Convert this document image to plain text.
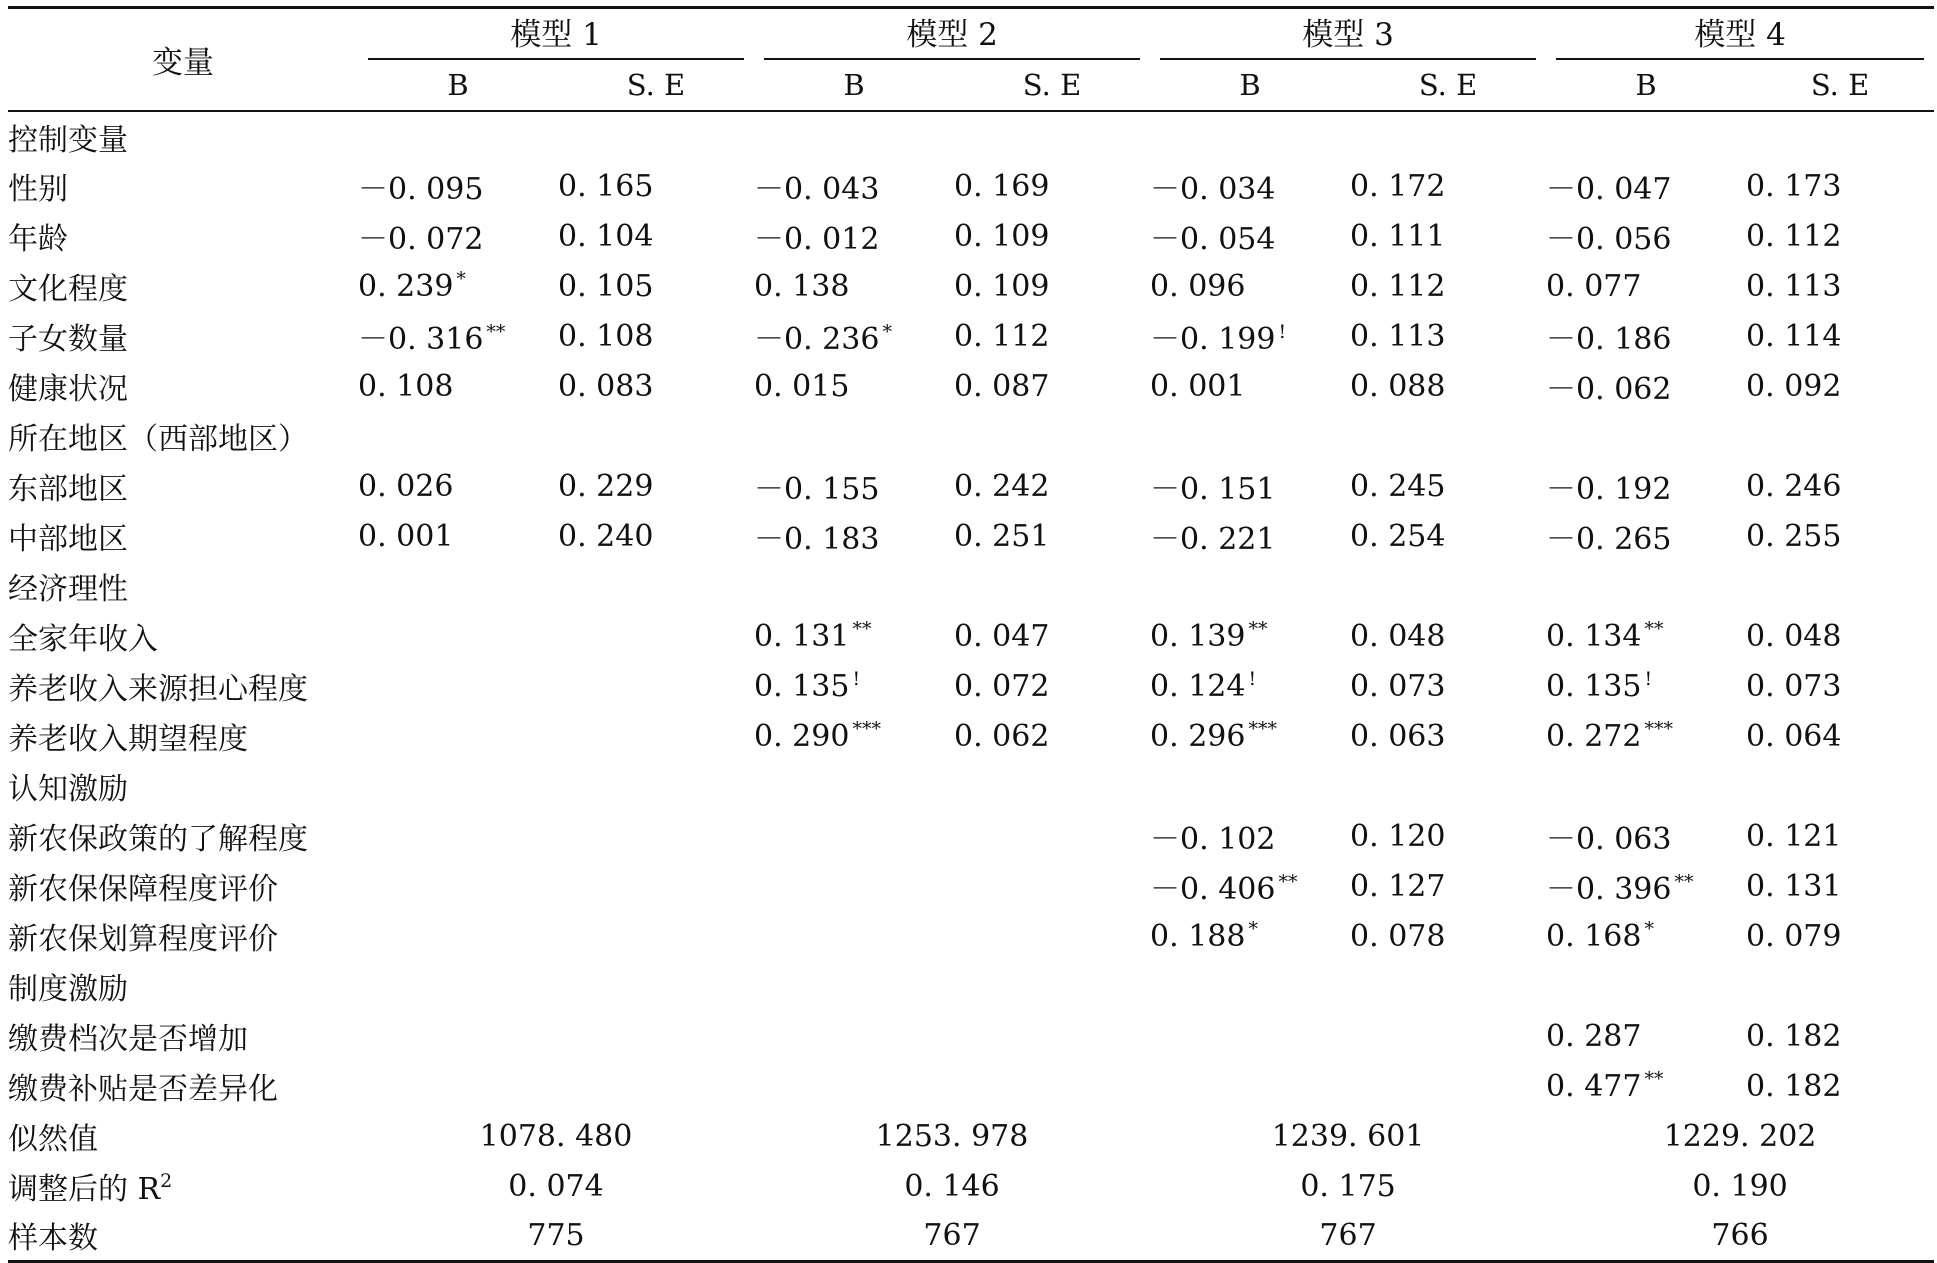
变量	模型 1		模型 2		模型 3		模型 4	

	B	S. E	B	S. E	B	S. E	B	S. E
控制变量								
性别	－0. 095	0. 165	－0. 043	0. 169	－0. 034	0. 172	－0. 047	0. 173
年龄	－0. 072	0. 104	－0. 012	0. 109	－0. 054	0. 111	－0. 056	0. 112
文化程度	0. 239 *	0. 105	0. 138	0. 109	0. 096	0. 112	0. 077	0. 113
子女数量	－0. 316 **	0. 108	－0. 236 *	0. 112	－0. 199 !	0. 113	－0. 186	0. 114
健康状况	0. 108	0. 083	0. 015	0. 087	0. 001	0. 088	－0. 062	0. 092
所在地区（西部地区）								
东部地区	0. 026	0. 229	－0. 155	0. 242	－0. 151	0. 245	－0. 192	0. 246
中部地区	0. 001	0. 240	－0. 183	0. 251	－0. 221	0. 254	－0. 265	0. 255
经济理性								
全家年收入			0. 131 **	0. 047	0. 139 **	0. 048	0. 134 **	0. 048
养老收入来源担心程度			0. 135 !	0. 072	0. 124 !	0. 073	0. 135 !	0. 073
养老收入期望程度			0. 290 ***	0. 062	0. 296 ***	0. 063	0. 272 ***	0. 064
认知激励								
新农保政策的了解程度					－0. 102	0. 120	－0. 063	0. 121
新农保保障程度评价					－0. 406 **	0. 127	－0. 396 **	0. 131
新农保划算程度评价					0. 188 *	0. 078	0. 168 *	0. 079
制度激励								
缴费档次是否增加							0. 287	0. 182
缴费补贴是否差异化							0. 477 **	0. 182
似然值	1078. 480		1253. 978		1239. 601		1229. 202	
调整后的 $R^2$	0. 074		0. 146		0. 175		0. 190	
样本数	775		767		767		766	
